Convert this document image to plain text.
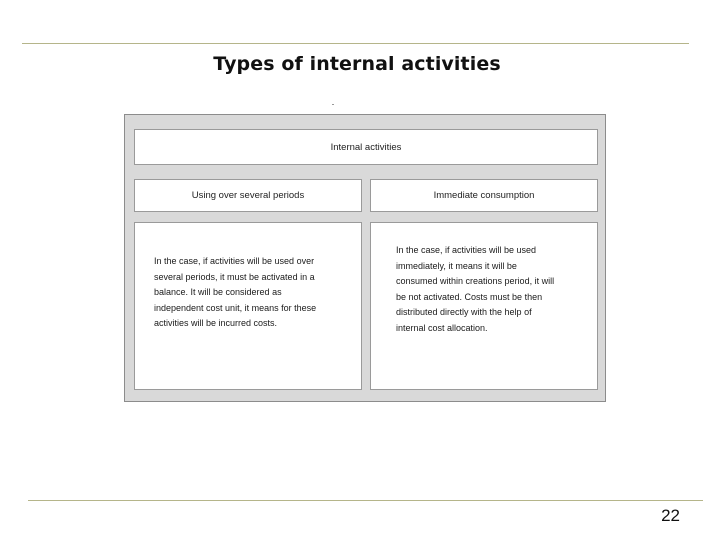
Types of internal activities
Internal activities
Using over several periods	Immediate consumption
In the case, if activities will be used over
several periods, it must be activated in a
balance. It will be considered as
independent cost unit, it means for these
activities will be incurred costs.
In the case, if activities will be used
immediately, it means it will be
consumed within creations period, it will
be not activated. Costs must be then
distributed directly with the help of
internal cost allocation.
22
